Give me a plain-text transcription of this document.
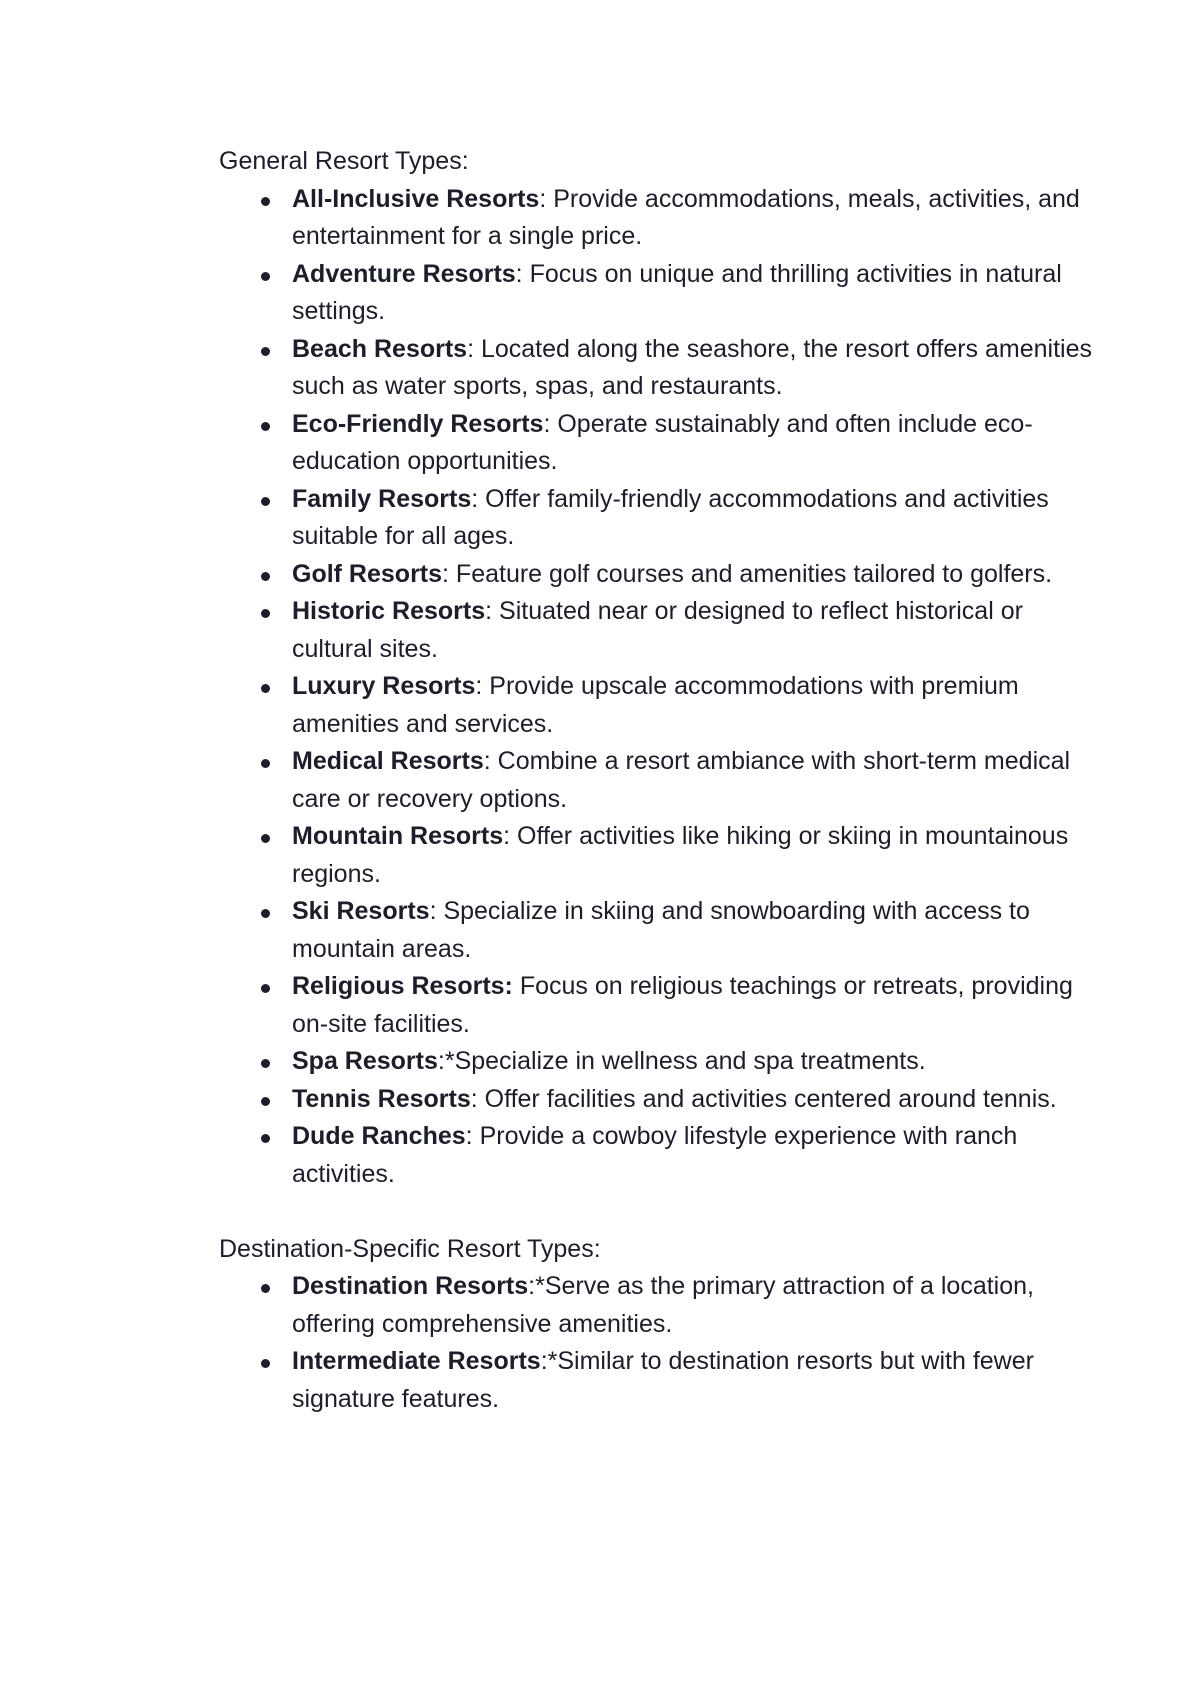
General Resort Types:

All-Inclusive Resorts: Provide accommodations, meals, activities, and entertainment for a single price.
Adventure Resorts: Focus on unique and thrilling activities in natural settings.
Beach Resorts: Located along the seashore, the resort offers amenities such as water sports, spas, and restaurants.
Eco-Friendly Resorts: Operate sustainably and often include eco-education opportunities.
Family Resorts: Offer family-friendly accommodations and activities suitable for all ages.
Golf Resorts: Feature golf courses and amenities tailored to golfers.
Historic Resorts: Situated near or designed to reflect historical or cultural sites.
Luxury Resorts: Provide upscale accommodations with premium amenities and services.
Medical Resorts: Combine a resort ambiance with short-term medical care or recovery options.
Mountain Resorts: Offer activities like hiking or skiing in mountainous regions.
Ski Resorts: Specialize in skiing and snowboarding with access to mountain areas.
Religious Resorts: Focus on religious teachings or retreats, providing on-site facilities.
Spa Resorts:*Specialize in wellness and spa treatments.
Tennis Resorts: Offer facilities and activities centered around tennis.
Dude Ranches: Provide a cowboy lifestyle experience with ranch activities.

Destination-Specific Resort Types:

Destination Resorts:*Serve as the primary attraction of a location, offering comprehensive amenities.
Intermediate Resorts:*Similar to destination resorts but with fewer signature features.
